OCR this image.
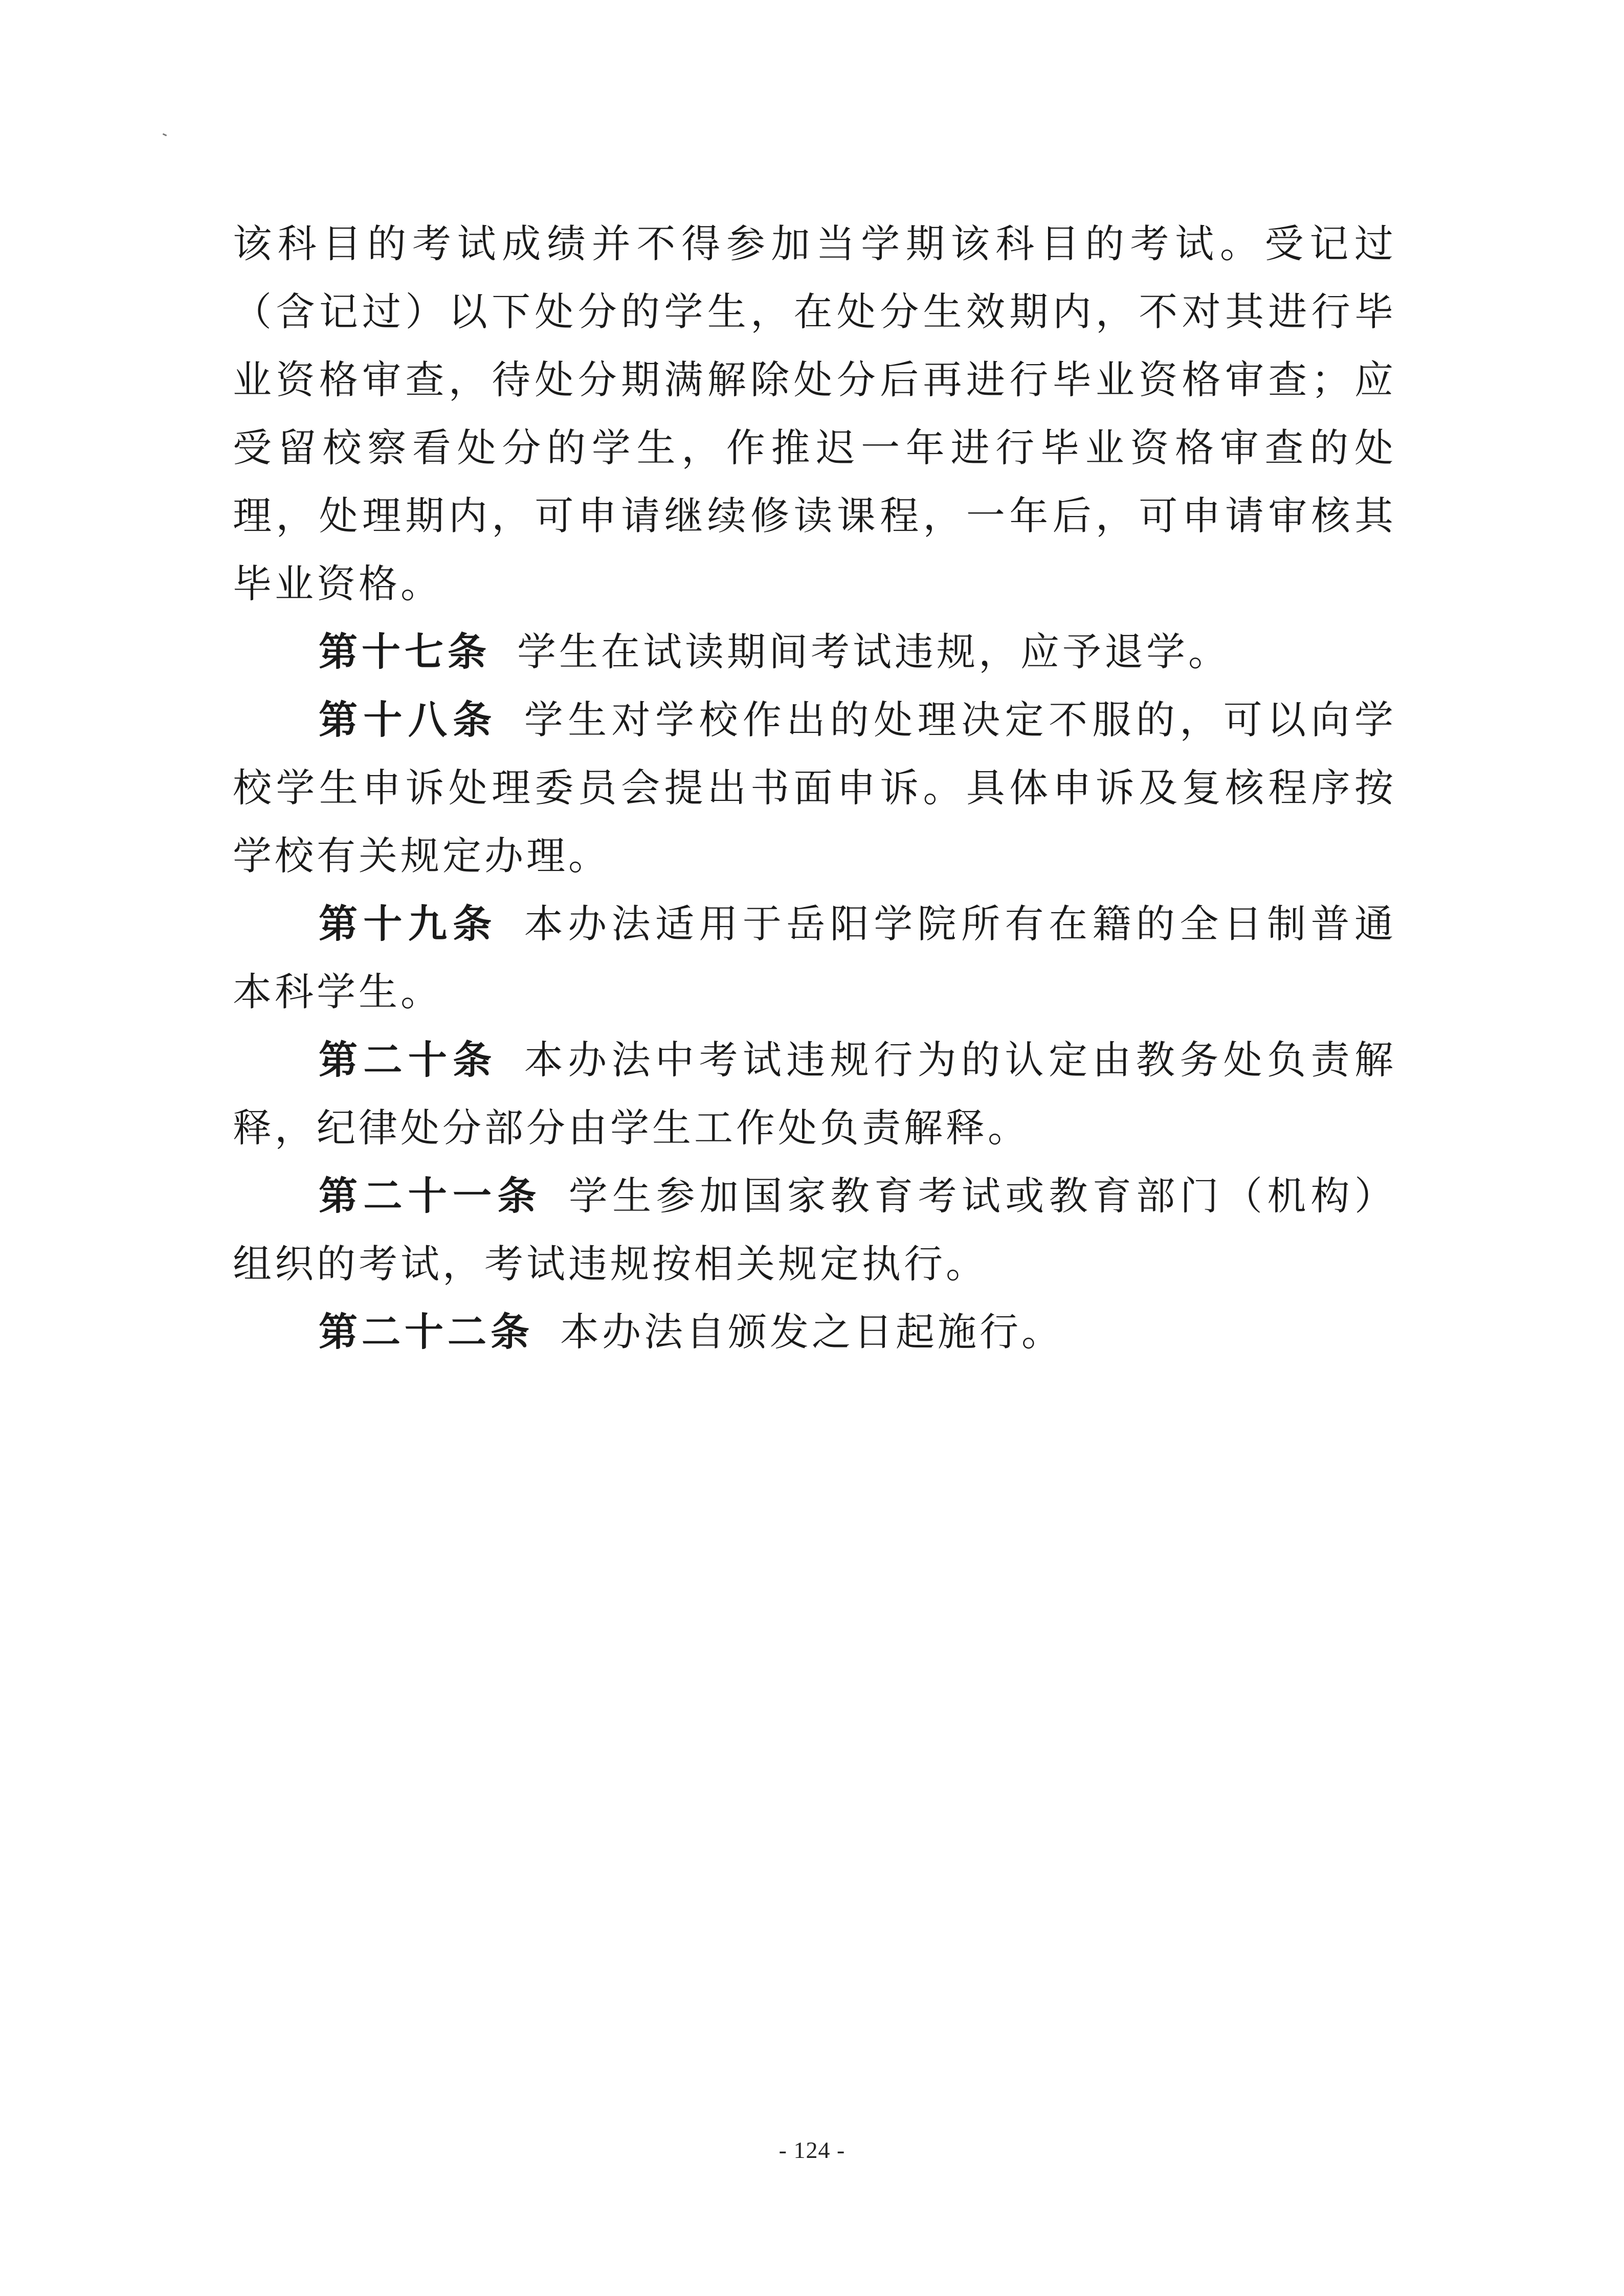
该科目的考试成绩并不得参加当学期该科目的考试。受记过（含记过）以下处分的学生，在处分生效期内，不对其进行毕业资格审查，待处分期满解除处分后再进行毕业资格审查；应受留校察看处分的学生，作推迟一年进行毕业资格审查的处理，处理期内，可申请继续修读课程，一年后，可申请审核其毕业资格。

第十七条 学生在试读期间考试违规，应予退学。

第十八条 学生对学校作出的处理决定不服的，可以向学校学生申诉处理委员会提出书面申诉。具体申诉及复核程序按学校有关规定办理。

第十九条 本办法适用于岳阳学院所有在籍的全日制普通本科学生。

第二十条 本办法中考试违规行为的认定由教务处负责解释，纪律处分部分由学生工作处负责解释。

第二十一条 学生参加国家教育考试或教育部门（机构）组织的考试，考试违规按相关规定执行。

第二十二条 本办法自颁发之日起施行。

- 124 -
